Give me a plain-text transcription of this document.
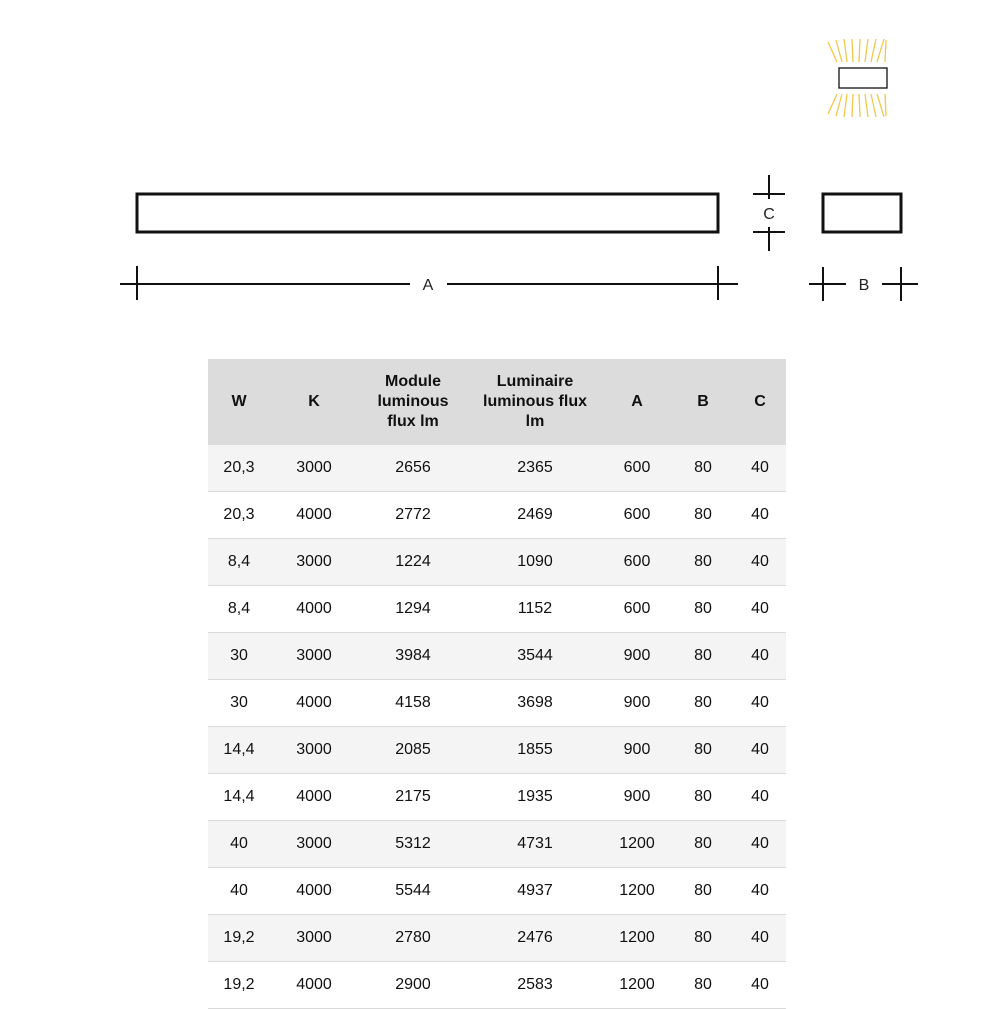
A
C
B
W	K	Module luminous flux lm	Luminaire luminous flux lm	A	B	C
20,3	3000	2656	2365	600	80	40
20,3	4000	2772	2469	600	80	40
8,4	3000	1224	1090	600	80	40
8,4	4000	1294	1152	600	80	40
30	3000	3984	3544	900	80	40
30	4000	4158	3698	900	80	40
14,4	3000	2085	1855	900	80	40
14,4	4000	2175	1935	900	80	40
40	3000	5312	4731	1200	80	40
40	4000	5544	4937	1200	80	40
19,2	3000	2780	2476	1200	80	40
19,2	4000	2900	2583	1200	80	40
